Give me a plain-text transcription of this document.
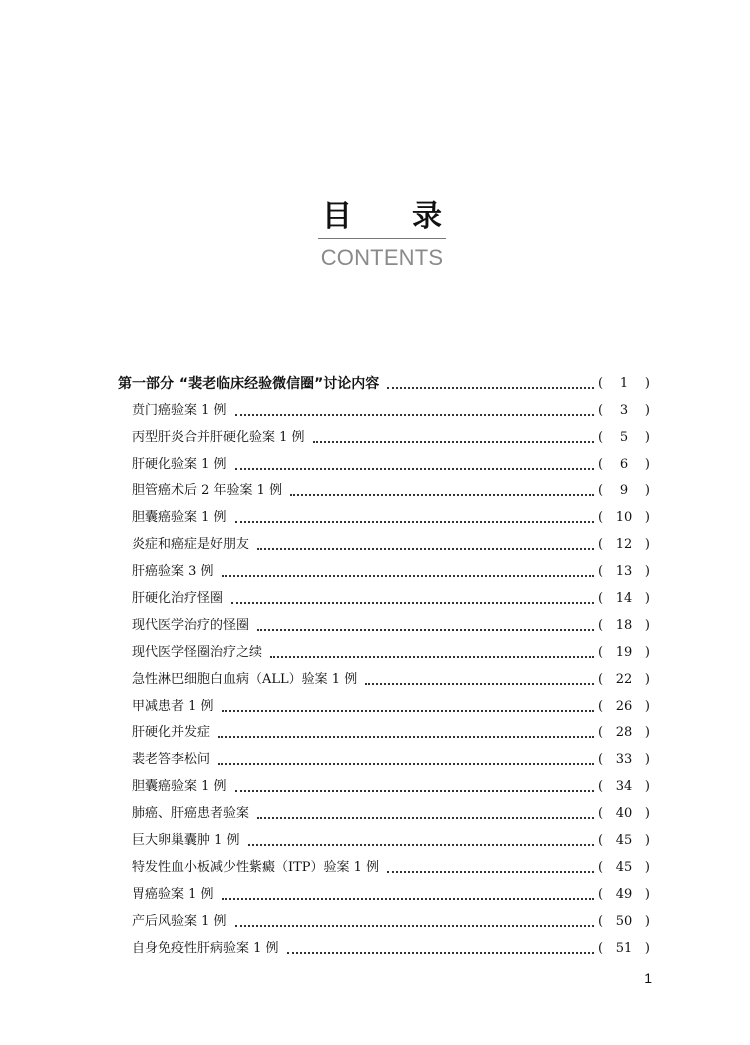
目 录
CONTENTS
第一部分 “裴老临床经验微信圈”讨论内容	(	1	)
贲门癌验案 1 例	(	3	)
丙型肝炎合并肝硬化验案 1 例	(	5	)
肝硬化验案 1 例	(	6	)
胆管癌术后 2 年验案 1 例	(	9	)
胆囊癌验案 1 例	( 10 )
炎症和癌症是好朋友	( 12 )
肝癌验案 3 例	( 13 )
肝硬化治疗怪圈	( 14 )
现代医学治疗的怪圈	( 18 )
现代医学怪圈治疗之续	( 19 )
急性淋巴细胞白血病（ALL）验案 1 例	( 22 )
甲减患者 1 例	( 26 )
肝硬化并发症	( 28 )
裴老答李松问	( 33 )
胆囊癌验案 1 例	( 34 )
肺癌、肝癌患者验案	( 40 )
巨大卵巢囊肿 1 例	( 45 )
特发性血小板减少性紫癜（ITP）验案 1 例	( 45 )
胃癌验案 1 例	( 49 )
产后风验案 1 例	( 50 )
自身免疫性肝病验案 1 例	( 51 )
1
